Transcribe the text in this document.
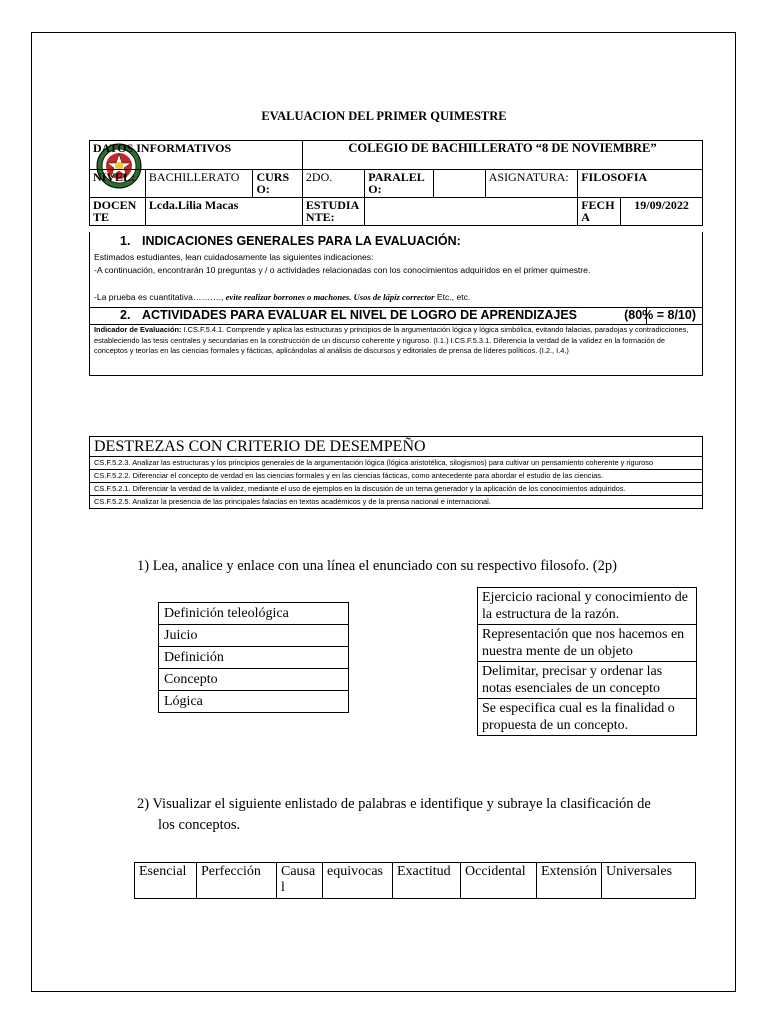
EVALUACION DEL PRIMER QUIMESTRE
DATOS INFORMATIVOS			COLEGIO DE BACHILLERATO “8 DE NOVIEMBRE”					
NIVEL:	BACHILLERATO	CURSO:	2DO.	PARALELO:		ASIGNATURA:	FILOSOFIA	
DOCENTE	Lcda.Lilia Macas		ESTUDIANTE:				FECHA	19/09/2022
1. INDICACIONES GENERALES PARA LA EVALUACIÓN:
Estimados estudiantes, lean cuidadosamente las siguientes indicaciones:
-A continuación, encontrarán 10 preguntas y / o actividades relacionadas con los conocimientos adquiridos en el primer quimestre.
-La prueba es cuantitativa………., evite realizar borrones o machones. Usos de lápiz corrector Etc., etc.
2. ACTIVIDADES PARA EVALUAR EL NIVEL DE LOGRO DE APRENDIZAJES	(80% = 8/10)
Indicador de Evaluación: I.CS.F.5.4.1. Comprende y aplica las estructuras y principios de la argumentación lógica y lógica simbólica, evitando falacias, paradojas y contradicciones, estableciendo las tesis centrales y secundarias en la construcción de un discurso coherente y riguroso. (I.1.) I.CS.F.5.3.1. Diferencia la verdad de la validez en la formación de conceptos y teorías en las ciencias formales y fácticas, aplicándolas al análisis de discursos y editoriales de prensa de líderes políticos. (I.2., I.4.)
DESTREZAS CON CRITERIO DE DESEMPEÑO
CS.F.5.2.3. Analizar las estructuras y los principios generales de la argumentación lógica (lógica aristotélica, silogismos) para cultivar un pensamiento coherente y riguroso
CS.F.5.2.2. Diferenciar el concepto de verdad en las ciencias formales y en las ciencias fácticas, como antecedente para abordar el estudio de las ciencias.
CS.F.5.2.1. Diferenciar la verdad de la validez, mediante el uso de ejemplos en la discusión de un tema generador y la aplicación de los conocimientos adquiridos.
CS.F.5.2.5. Analizar la presencia de las principales falacias en textos académicos y de la prensa nacional e internacional.
1) Lea, analice y enlace con una línea el enunciado con su respectivo filosofo. (2p)
Definición teleológica
Juicio
Definición
Concepto
Lógica
Ejercicio racional y conocimiento de la estructura de la razón.
Representación que nos hacemos en nuestra mente de un objeto
Delimitar, precisar y ordenar las notas esenciales de un concepto
Se especifica cual es la finalidad o propuesta de un concepto.
2) Visualizar el siguiente enlistado de palabras e identifique y subraye la clasificación de
los conceptos.
Esencial	Perfección	Causal	equivocas	Exactitud	Occidental	Extensión	Universales
